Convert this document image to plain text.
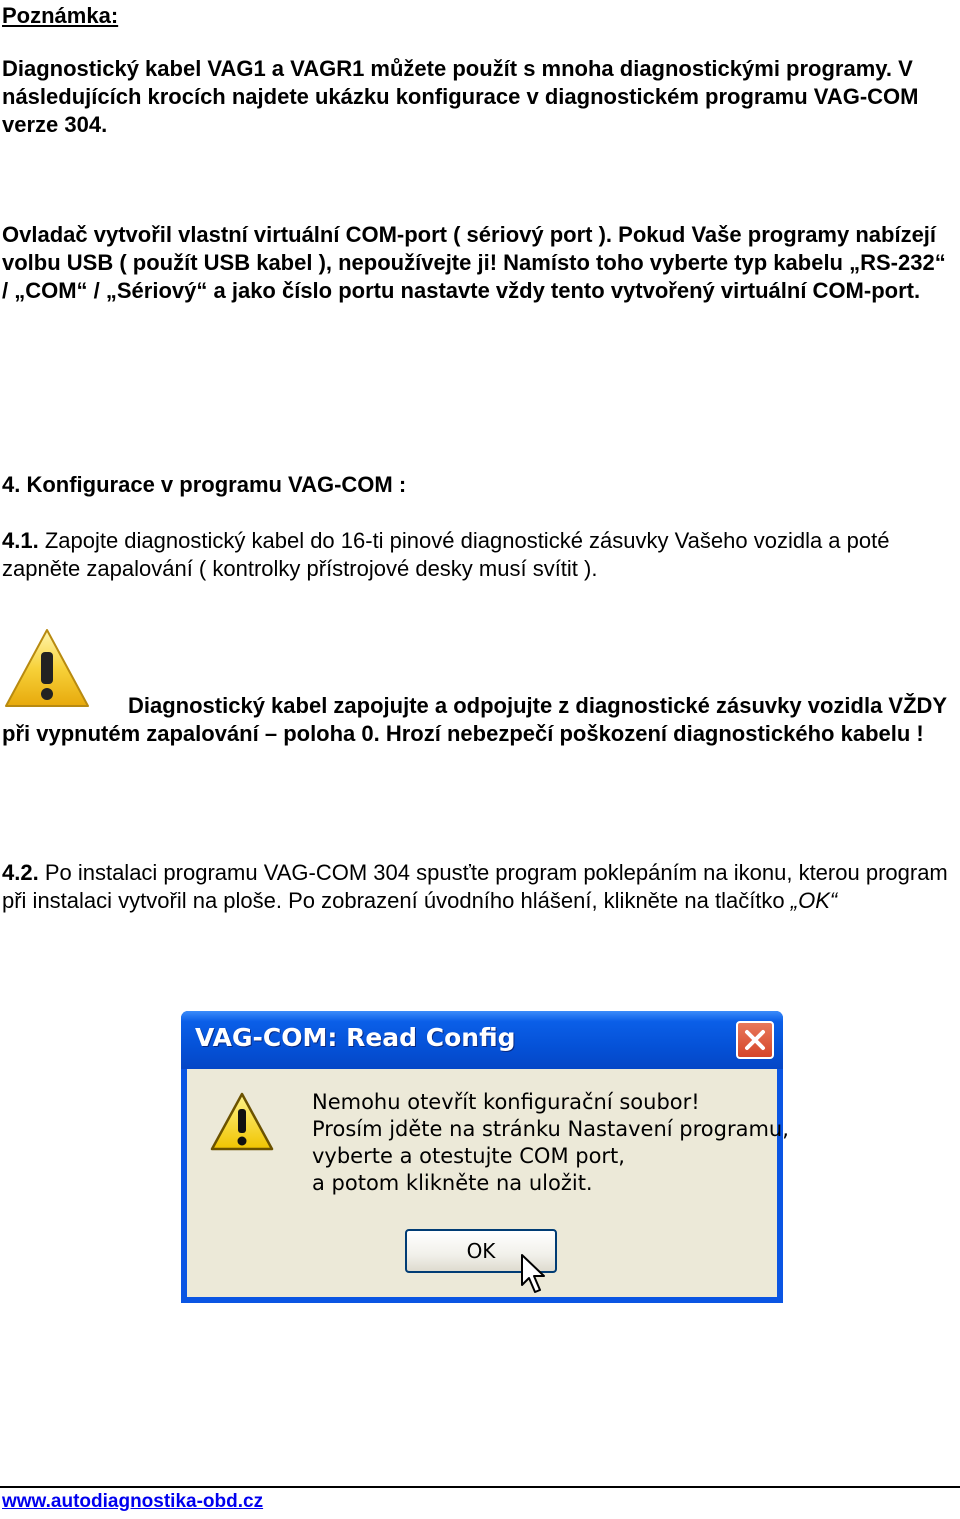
Poznámka:
Diagnostický kabel VAG1 a VAGR1 můžete použít s mnoha diagnostickými programy. V následujících krocích najdete ukázku konfigurace v diagnostickém programu VAG-COM verze 304.
Ovladač vytvořil vlastní virtuální COM-port ( sériový port ). Pokud Vaše programy nabízejí volbu USB ( použít USB kabel ), nepoužívejte ji! Namísto toho vyberte typ kabelu „RS-232“ / „COM“ / „Sériový“ a jako číslo portu nastavte vždy tento vytvořený virtuální COM-port.
4. Konfigurace v programu VAG-COM :
4.1. Zapojte diagnostický kabel do 16-ti pinové diagnostické zásuvky Vašeho vozidla a poté zapněte zapalování ( kontrolky přístrojové desky musí svítit ).
Diagnostický kabel zapojujte a odpojujte z diagnostické zásuvky vozidla VŽDY při vypnutém zapalování – poloha 0. Hrozí nebezpečí poškození diagnostického kabelu !
4.2. Po instalaci programu VAG-COM 304 spusťte program poklepáním na ikonu, kterou program při instalaci vytvořil na ploše. Po zobrazení úvodního hlášení, klikněte na tlačítko „OK“
VAG-COM: Read Config
Nemohu otevřít konfigurační soubor!
Prosím jděte na stránku Nastavení programu,
vyberte a otestujte COM port,
a potom klikněte na uložit.
OK
www.autodiagnostika-obd.cz
